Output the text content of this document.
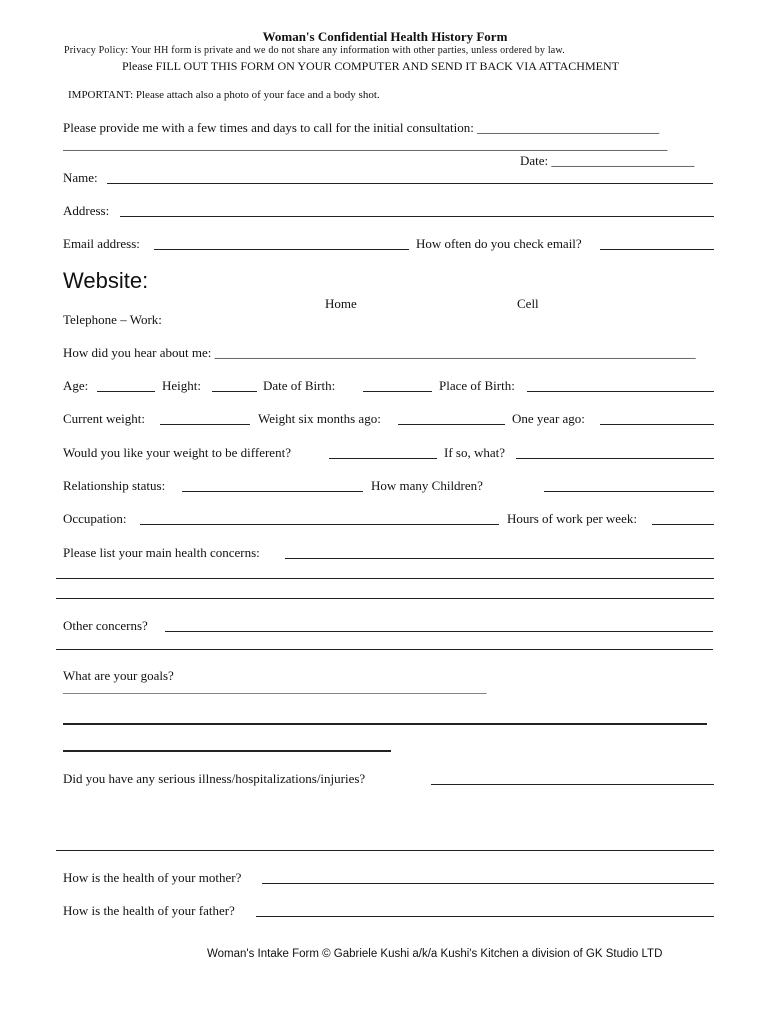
Woman's Confidential Health History Form
Privacy Policy: Your HH form is private and we do not share any information with other parties, unless ordered by law.
Please FILL OUT THIS FORM ON YOUR COMPUTER AND SEND IT BACK VIA ATTACHMENT
IMPORTANT: Please attach also a photo of your face and a body shot.
Please provide me with a few times and days to call for the initial consultation: ____________________________
_____________________________________________________________________________________________
Date: ______________________
Name:
Address:
Email address:	How often do you check email?
Website:
Home	Cell
Telephone – Work:
How did you hear about me: __________________________________________________________________________
Age:	Height:	Date of Birth:	Place of Birth:
Current weight:	Weight six months ago:	One year ago:
Would you like your weight to be different?	If so, what?
Relationship status:	How many Children?
Occupation:	Hours of work per week:
Please list your main health concerns:
Other concerns?
What are your goals?
_____________________________________________________________________________
Did you have any serious illness/hospitalizations/injuries?
How is the health of your mother?
How is the health of your father?
Woman's Intake Form © Gabriele Kushi a/k/a Kushi's Kitchen a division of GK Studio LTD
